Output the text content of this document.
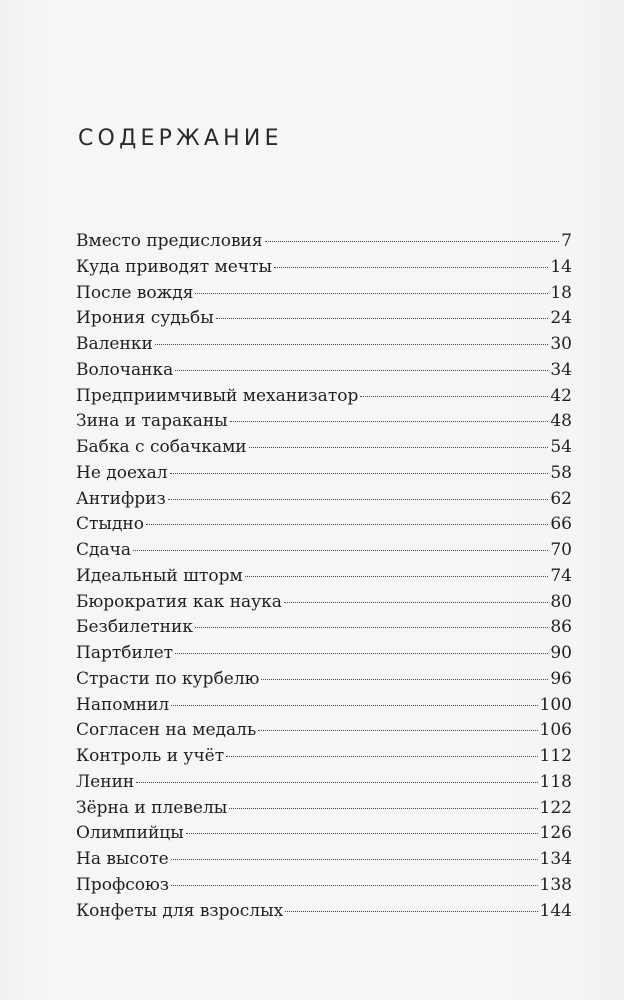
СОДЕРЖАНИЕ
Вместо предисловия	7
Куда приводят мечты	14
После вождя	18
Ирония судьбы	24
Валенки	30
Волочанка	34
Предприимчивый механизатор	42
Зина и тараканы	48
Бабка с собачками	54
Не доехал	58
Антифриз	62
Стыдно	66
Сдача	70
Идеальный шторм	74
Бюрократия как наука	80
Безбилетник	86
Партбилет	90
Страсти по курбелю	96
Напомнил	100
Согласен на медаль	106
Контроль и учёт	112
Ленин	118
Зёрна и плевелы	122
Олимпийцы	126
На высоте	134
Профсоюз	138
Конфеты для взрослых	144
